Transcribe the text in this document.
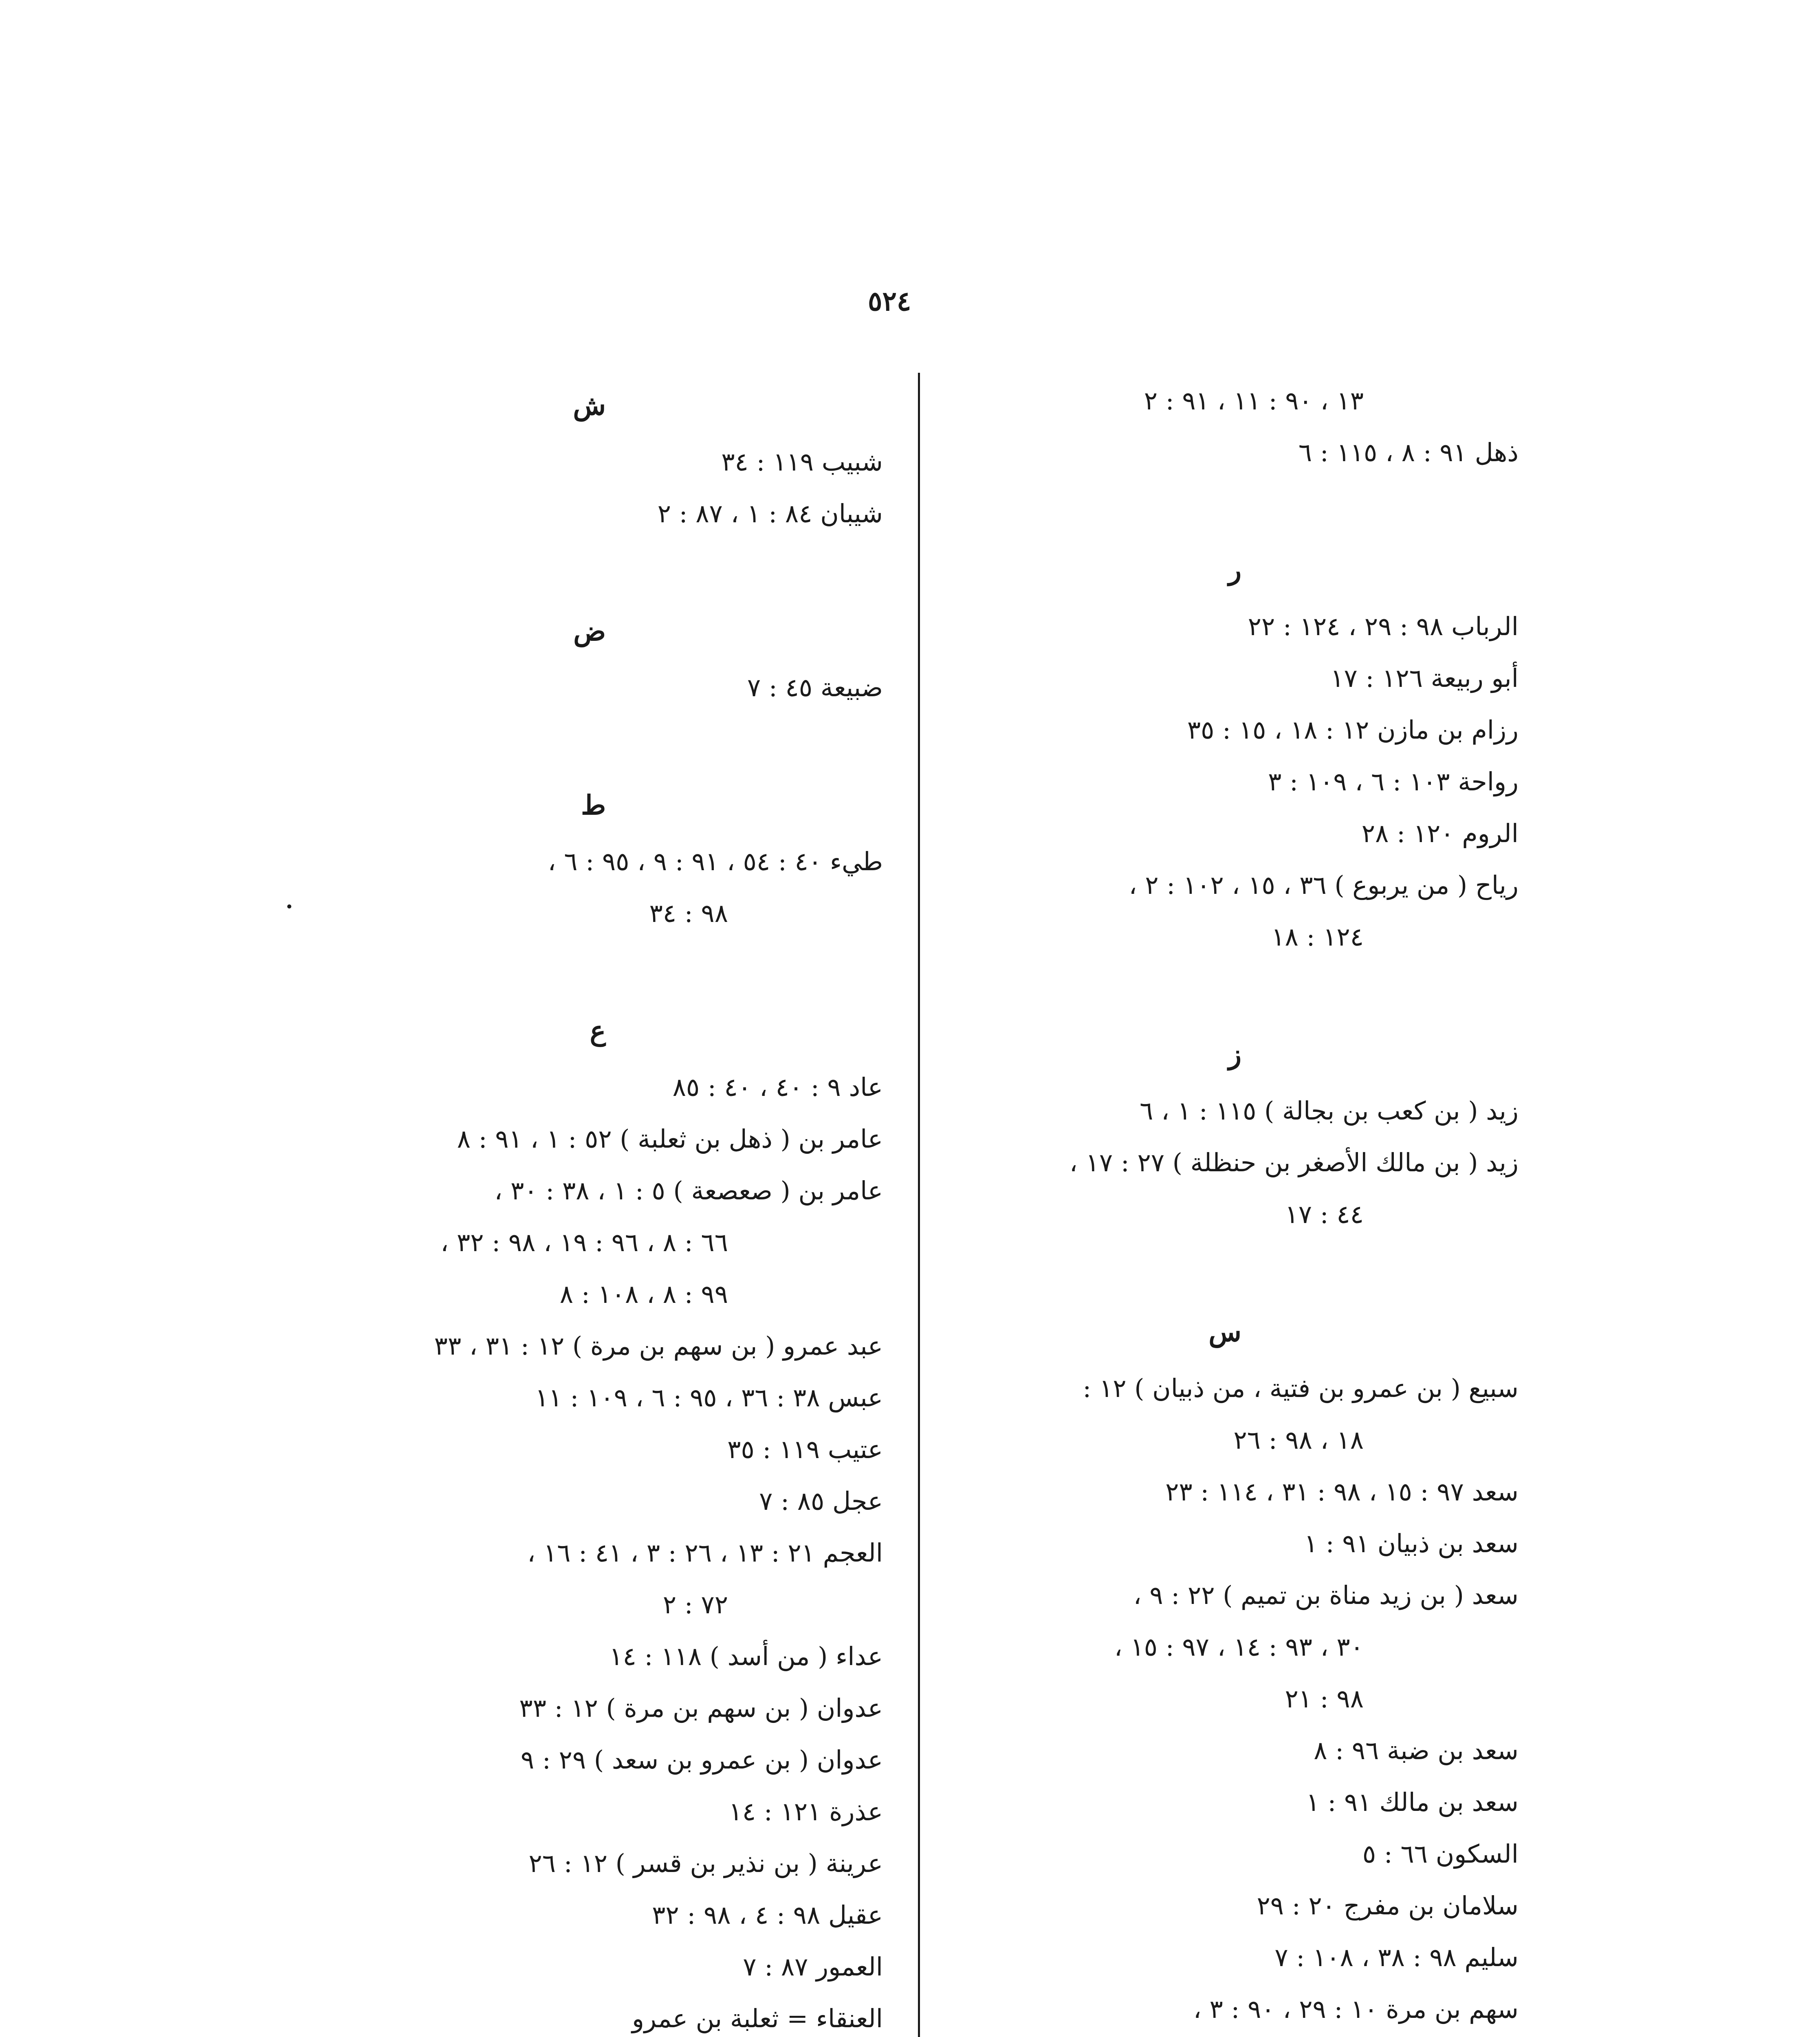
٥٢٤
ش
شبيب ١١٩ : ٣٤
شيبان ٨٤ : ١ ، ٨٧ : ٢
ض
ضبيعة ٤٥ : ٧
ط
طيء ٤٠ : ٥٤ ، ٩١ : ٩ ، ٩٥ : ٦ ،
٩٨ : ٣٤
ع
عاد ٩ : ٤٠ ، ٤٠ : ٨٥
عامر بن ( ذهل بن ثعلبة ) ٥٢ : ١ ، ٩١ : ٨
عامر بن ( صعصعة ) ٥ : ١ ، ٣٨ : ٣٠ ،
٦٦ : ٨ ، ٩٦ : ١٩ ، ٩٨ : ٣٢ ،
٩٩ : ٨ ، ١٠٨ : ٨
عبد عمرو ( بن سهم بن مرة ) ١٢ : ٣١ ، ٣٣
عبس ٣٨ : ٣٦ ، ٩٥ : ٦ ، ١٠٩ : ١١
عتيب ١١٩ : ٣٥
عجل ٨٥ : ٧
العجم ٢١ : ١٣ ، ٢٦ : ٣ ، ٤١ : ١٦ ،
٧٢ : ٢
عداء ( من أسد ) ١١٨ : ١٤
عدوان ( بن سهم بن مرة ) ١٢ : ٣٣
عدوان ( بن عمرو بن سعد ) ٢٩ : ٩
عذرة ١٢١ : ١٤
عرينة ( بن نذير بن قسر ) ١٢ : ٢٦
عقيل ٩٨ : ٤ ، ٩٨ : ٣٢
العمور ٨٧ : ٧
العنقاء = ثعلبة بن عمرو
١٣ ، ٩٠ : ١١ ، ٩١ : ٢
ذهل ٩١ : ٨ ، ١١٥ : ٦
ر
الرباب ٩٨ : ٢٩ ، ١٢٤ : ٢٢
أبو ربيعة ١٢٦ : ١٧
رزام بن مازن ١٢ : ١٨ ، ١٥ : ٣٥
رواحة ١٠٣ : ٦ ، ١٠٩ : ٣
الروم ١٢٠ : ٢٨
رياح ( من يربوع ) ٣٦ ، ١٥ ، ١٠٢ : ٢ ،
١٢٤ : ١٨
ز
زيد ( بن كعب بن بجالة ) ١١٥ : ١ ، ٦
زيد ( بن مالك الأصغر بن حنظلة ) ٢٧ : ١٧ ،
٤٤ : ١٧
س
سبيع ( بن عمرو بن فتية ، من ذبيان ) ١٢ :
١٨ ، ٩٨ : ٢٦
سعد ٩٧ : ١٥ ، ٩٨ : ٣١ ، ١١٤ : ٢٣
سعد بن ذبيان ٩١ : ١
سعد ( بن زيد مناة بن تميم ) ٢٢ : ٩ ،
٣٠ ، ٩٣ : ١٤ ، ٩٧ : ١٥ ،
٩٨ : ٢١
سعد بن ضبة ٩٦ : ٨
سعد بن مالك ٩١ : ١
السكون ٦٦ : ٥
سلامان بن مفرج ٢٠ : ٢٩
سليم ٩٨ : ٣٨ ، ١٠٨ : ٧
سهم بن مرة ١٠ : ٢٩ ، ٩٠ : ٣ ،
